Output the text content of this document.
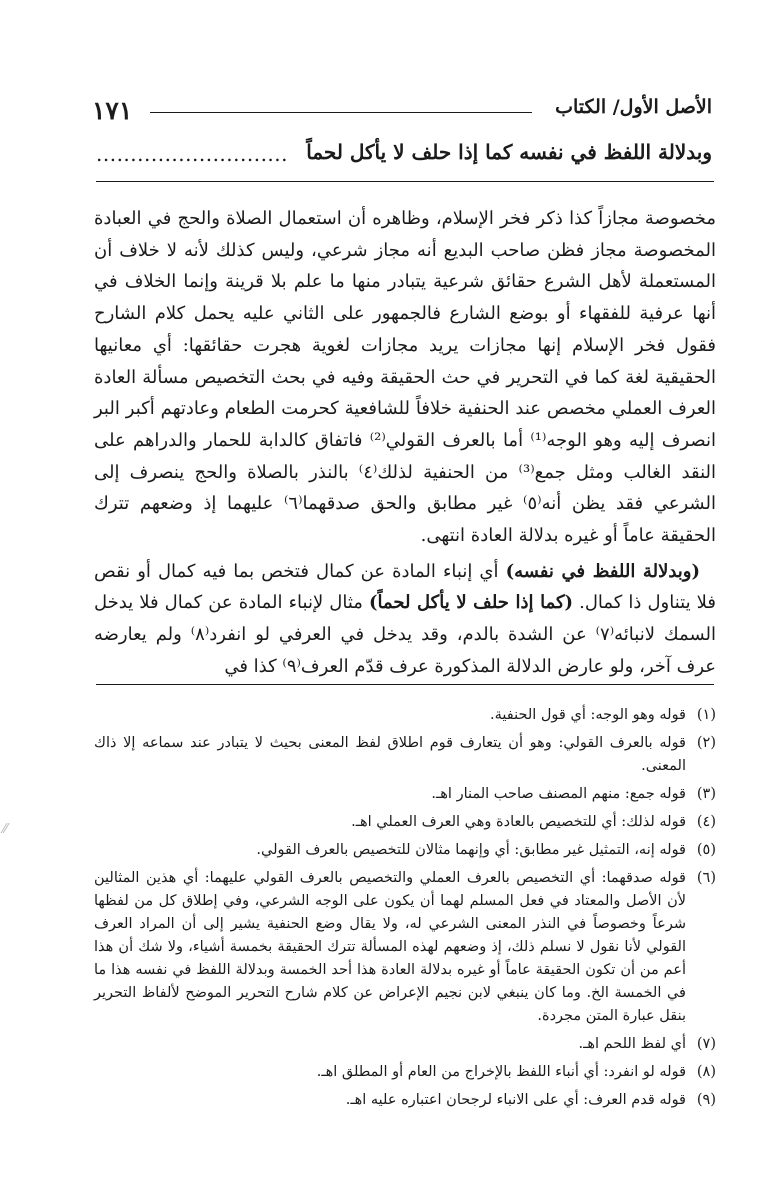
١٧١	الأصل الأول/ الكتاب
وبدلالة اللفظ في نفسه كما إذا حلف لا يأكل لحماً
............................

مخصوصة مجازاً كذا ذكر فخر الإسلام، وظاهره أن استعمال الصلاة والحج في العبادة المخصوصة مجاز فظن صاحب البديع أنه مجاز شرعي، وليس كذلك لأنه لا خلاف أن المستعملة لأهل الشرع حقائق شرعية يتبادر منها ما علم بلا قرينة وإنما الخلاف في أنها عرفية للفقهاء أو بوضع الشارع فالجمهور على الثاني عليه يحمل كلام الشارح فقول فخر الإسلام إنها مجازات يريد مجازات لغوية هجرت حقائقها: أي معانيها الحقيقية لغة كما في التحرير في حث الحقيقة وفيه في بحث التخصيص مسألة العادة العرف العملي مخصص عند الحنفية خلافاً للشافعية كحرمت الطعام وعادتهم أكبر البر انصرف إليه وهو الوجه⁽¹⁾ أما بالعرف القولي⁽²⁾ فاتفاق كالدابة للحمار والدراهم على النقد الغالب ومثل جمع⁽³⁾ من الحنفية لذلك⁽٤⁾ بالنذر بالصلاة والحج ينصرف إلى الشرعي فقد يظن أنه⁽٥⁾ غير مطابق والحق صدقهما⁽٦⁾ عليهما إذ وضعهم تترك الحقيقة عاماً أو غيره بدلالة العادة انتهى.

(وبدلالة اللفظ في نفسه) أي إنباء المادة عن كمال فتخص بما فيه كمال أو نقص فلا يتناول ذا كمال. (كما إذا حلف لا يأكل لحماً) مثال لإنباء المادة عن كمال فلا يدخل السمك لانبائه⁽٧⁾ عن الشدة بالدم، وقد يدخل في العرفي لو انفرد⁽٨⁾ ولم يعارضه عرف آخر، ولو عارض الدلالة المذكورة عرف قدّم العرف⁽٩⁾ كذا في

(١)
قوله وهو الوجه: أي قول الحنفية.
(٢)
قوله بالعرف القولي: وهو أن يتعارف قوم اطلاق لفظ المعنى بحيث لا يتبادر عند سماعه إلا ذاك المعنى.
(٣)
قوله جمع: منهم المصنف صاحب المنار اهـ.
(٤)
قوله لذلك: أي للتخصيص بالعادة وهي العرف العملي اهـ.
(٥)
قوله إنه، التمثيل غير مطابق: أي وإنهما مثالان للتخصيص بالعرف القولي.
(٦)
قوله صدقهما: أي التخصيص بالعرف العملي والتخصيص بالعرف القولي عليهما: أي هذين المثالين لأن الأصل والمعتاد في فعل المسلم لهما أن يكون على الوجه الشرعي، وفي إطلاق كل من لفظها شرعاً وخصوصاً في النذر المعنى الشرعي له، ولا يقال وضع الحنفية يشير إلى أن المراد العرف القولي لأنا نقول لا نسلم ذلك، إذ وضعهم لهذه المسألة تترك الحقيقة بخمسة أشياء، ولا شك أن هذا أعم من أن تكون الحقيقة عاماً أو غيره بدلالة العادة هذا أحد الخمسة وبدلالة اللفظ في نفسه هذا ما في الخمسة الخ. وما كان ينبغي لابن نجيم الإعراض عن كلام شارح التحرير الموضح لألفاظ التحرير بنقل عبارة المتن مجردة.
(٧)
أي لفظ اللحم اهـ.
(٨)
قوله لو انفرد: أي أنباء اللفظ بالإخراج من العام أو المطلق اهـ.
(٩)
قوله قدم العرف: أي على الانباء لرجحان اعتباره عليه اهـ.
⁄⁄
